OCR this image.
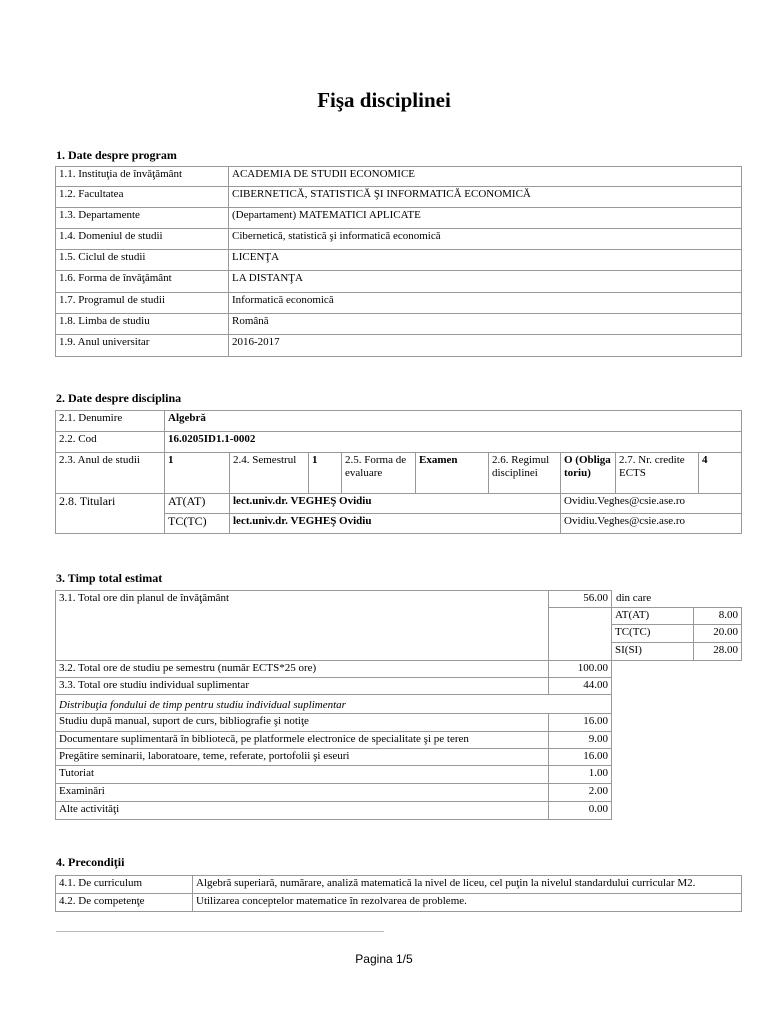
Fişa disciplinei
1. Date despre program
1.1. Instituţia de învăţământ	ACADEMIA DE STUDII ECONOMICE
1.2. Facultatea	CIBERNETICĂ, STATISTICĂ ŞI INFORMATICĂ ECONOMICĂ
1.3. Departamente	(Departament) MATEMATICI APLICATE
1.4. Domeniul de studii	Cibernetică, statistică şi informatică economică
1.5. Ciclul de studii	LICENŢA
1.6. Forma de învăţământ	LA DISTANŢA
1.7. Programul de studii	Informatică economică
1.8. Limba de studiu	Română
1.9. Anul universitar	2016-2017
2. Date despre disciplina
2.1. Denumire	Algebră								
2.2. Cod	16.0205ID1.1-0002								
2.3. Anul de studii	1	2.4. Semestrul	1	2.5. Forma de evaluare	Examen	2.6. Regimul disciplinei	O (Obligatoriu)	2.7. Nr. credite ECTS	4
2.8. Titulari	AT(AT)	lect.univ.dr. VEGHEŞ Ovidiu					Ovidiu.Veghes@csie.ase.ro		
	TC(TC)	lect.univ.dr. VEGHEŞ Ovidiu					Ovidiu.Veghes@csie.ase.ro		
3. Timp total estimat
3.1. Total ore din planul de învăţământ	56.00	din care	
		AT(AT)	8.00
		TC(TC)	20.00
		SI(SI)	28.00
3.2. Total ore de studiu pe semestru (număr ECTS*25 ore)	100.00		
3.3. Total ore studiu individual suplimentar	44.00		
Distribuţia fondului de timp pentru studiu individual suplimentar			
Studiu după manual, suport de curs, bibliografie şi notiţe	16.00		
Documentare suplimentară în bibliotecă, pe platformele electronice de specialitate şi pe teren	9.00		
Pregătire seminarii, laboratoare, teme, referate, portofolii şi eseuri	16.00		
Tutoriat	1.00		
Examinări	2.00		
Alte activităţi	0.00		
4. Precondiţii
4.1. De curriculum	Algebră superiară, numărare, analiză matematică la nivel de liceu, cel puţin la nivelul standardului curricular M2.
4.2. De competenţe	Utilizarea conceptelor matematice în rezolvarea de probleme.
Pagina 1/5
